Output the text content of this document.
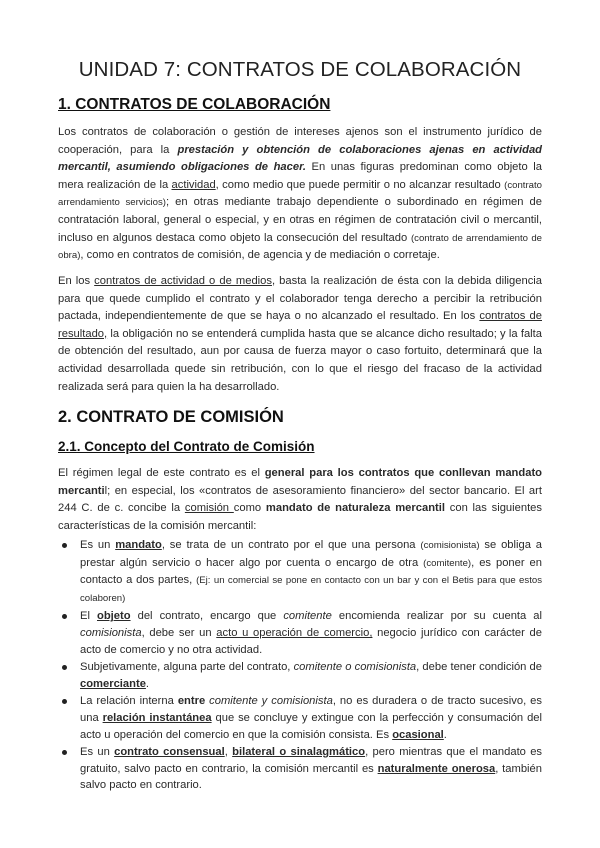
UNIDAD 7: CONTRATOS DE COLABORACIÓN
1. CONTRATOS DE COLABORACIÓN

Los contratos de colaboración o gestión de intereses ajenos son el instrumento jurídico de cooperación, para la prestación y obtención de colaboraciones ajenas en actividad mercantil, asumiendo obligaciones de hacer. En unas figuras predominan como objeto la mera realización de la actividad, como medio que puede permitir o no alcanzar resultado (contrato arrendamiento servicios); en otras mediante trabajo dependiente o subordinado en régimen de contratación laboral, general o especial, y en otras en régimen de contratación civil o mercantil, incluso en algunos destaca como objeto la consecución del resultado (contrato de arrendamiento de obra), como en contratos de comisión, de agencia y de mediación o corretaje.

En los contratos de actividad o de medios, basta la realización de ésta con la debida diligencia para que quede cumplido el contrato y el colaborador tenga derecho a percibir la retribución pactada, independientemente de que se haya o no alcanzado el resultado. En los contratos de resultado, la obligación no se entenderá cumplida hasta que se alcance dicho resultado; y la falta de obtención del resultado, aun por causa de fuerza mayor o caso fortuito, determinará que la actividad desarrollada quede sin retribución, con lo que el riesgo del fracaso de la actividad realizada será para quien la ha desarrollado.

2. CONTRATO DE COMISIÓN
2.1. Concepto del Contrato de Comisión

El régimen legal de este contrato es el general para los contratos que conllevan mandato mercantil; en especial, los «contratos de asesoramiento financiero» del sector bancario. El art 244 C. de c. concibe la comisión como mandato de naturaleza mercantil con las siguientes características de la comisión mercantil:

Es un mandato, se trata de un contrato por el que una persona (comisionista) se obliga a prestar algún servicio o hacer algo por cuenta o encargo de otra (comitente), es poner en contacto a dos partes, (Ej: un comercial se pone en contacto con un bar y con el Betis para que estos colaboren)
El objeto del contrato, encargo que comitente encomienda realizar por su cuenta al comisionista, debe ser un acto u operación de comercio, negocio jurídico con carácter de acto de comercio y no otra actividad.
Subjetivamente, alguna parte del contrato, comitente o comisionista, debe tener condición de comerciante.
La relación interna entre comitente y comisionista, no es duradera o de tracto sucesivo, es una relación instantánea que se concluye y extingue con la perfección y consumación del acto u operación del comercio en que la comisión consista. Es ocasional.
Es un contrato consensual, bilateral o sinalagmático, pero mientras que el mandato es gratuito, salvo pacto en contrario, la comisión mercantil es naturalmente onerosa, también salvo pacto en contrario.
